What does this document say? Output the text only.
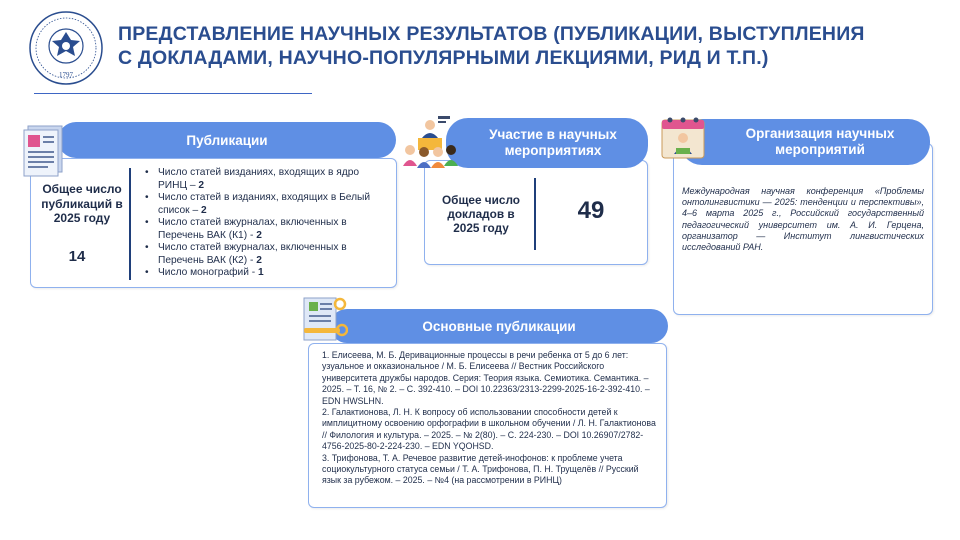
1797
ПРЕДСТАВЛЕНИЕ НАУЧНЫХ РЕЗУЛЬТАТОВ (ПУБЛИКАЦИИ, ВЫСТУПЛЕНИЯ
С ДОКЛАДАМИ, НАУЧНО-ПОПУЛЯРНЫМИ ЛЕКЦИЯМИ, РИД И Т.П.)
Публикации
Общее число публикаций в 2025 году
14
• Число статей визданиях, входящих в ядро РИНЦ – 2
• Число статей в изданиях, входящих в Белый список – 2
• Число статей вжурналах, включенных в Перечень ВАК (К1) - 2
• Число статей вжурналах, включенных в Перечень ВАК (К2) - 2
• Число монографий - 1
Участие в научных мероприятиях
Общее число докладов в 2025 году
49
Организация научных мероприятий
Международная научная конференция «Проблемы онтолингвистики — 2025: тенденции и перспективы», 4–6 марта 2025 г., Российский государственный педагогический университет им. А. И. Герцена, организатор — Институт лингвистических исследований РАН.
Основные публикации

1. Елисеева, М. Б. Деривационные процессы в речи ребенка от 5 до 6 лет: узуальное и окказиональное / М. Б. Елисеева // Вестник Российского университета дружбы народов. Серия: Теория языка. Семиотика. Семантика. – 2025. – Т. 16, № 2. – С. 392-410. – DOI 10.22363/2313-2299-2025-16-2-392-410. – EDN HWSLHN.

2. Галактионова, Л. Н. К вопросу об использовании способности детей к имплицитному освоению орфографии в школьном обучении / Л. Н. Галактионова // Филология и культура. – 2025. – № 2(80). – С. 224-230. – DOI 10.26907/2782-4756-2025-80-2-224-230. – EDN YQOHSD.

3. Трифонова, Т. А. Речевое развитие детей-инофонов: к проблеме учета социокультурного статуса семьи / Т. А. Трифонова, П. Н. Трущелёв // Русский язык за рубежом. – 2025. – №4 (на рассмотрении в РИНЦ)
